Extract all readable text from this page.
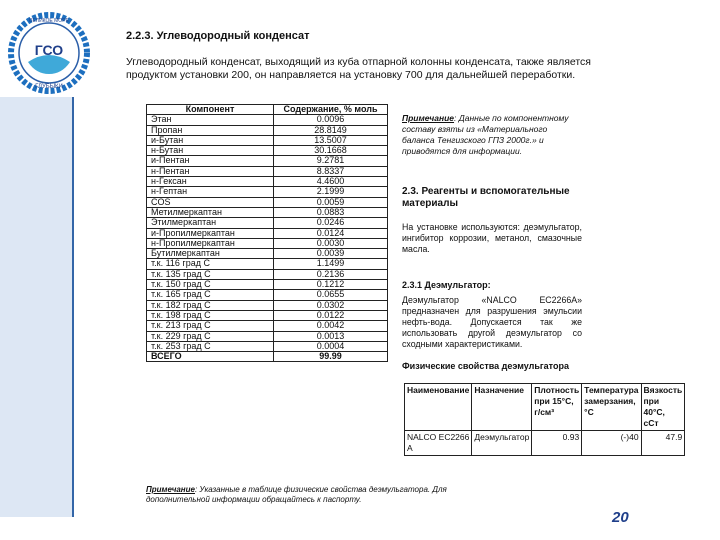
ГСО
ГЛУБЫКИ
ВЕЛИКОЕ МОРЕ
2.2.3. Углеводородный конденсат
Углеводородный конденсат, выходящий из куба отпарной колонны конденсата, также является продуктом установки 200, он направляется на установку 700 для дальнейшей переработки.
Компонент	Содержание, % моль
Этан	0.0096
Пропан	28.8149
и-Бутан	13.5007
н-Бутан	30.1668
и-Пентан	9.2781
н-Пентан	8.8337
н-Гексан	4.4600
н-Гептан	2.1999
COS	0.0059
Метилмеркаптан	0.0883
Этилмеркаптан	0.0246
и-Пропилмеркаптан	0.0124
н-Пропилмеркаптан	0.0030
Бутилмеркаптан	0.0039
т.к. 116 град С	1.1499
т.к. 135 град С	0.2136
т.к. 150 град С	0.1212
т.к. 165 град С	0.0655
т.к. 182 град С	0.0302
т.к. 198 град С	0.0122
т.к. 213 град С	0.0042
т.к. 229 град С	0.0013
т.к. 253 град С	0.0004
ВСЕГО	99.99
Примечание: Данные по компонентному составу взяты из «Материального баланса Тенгизского ГПЗ 2000г.» и приводятся для информации.
2.3. Реагенты и вспомогательные материалы
На установке используются: деэмульгатор, ингибитор коррозии, метанол, смазочные масла.
2.3.1 Деэмульгатор:
Деэмульгатор «NALCO EC2266A» предназначен для разрушения эмульсии нефть-вода. Допускается так же использовать другой деэмульгатор со сходными характеристиками.
Физические свойства деэмульгатора
Наименование	Назначение	Плотность при 15°С, г/см³	Температура замерзания, °С	Вязкость при 40°С, сСт
NALCO EC2266 A	Деэмульгатор	0.93	(-)40	47.9
Примечание: Указанные в таблице физические свойства деэмульгатора. Для дополнительной информации обращайтесь к паспорту.
20
